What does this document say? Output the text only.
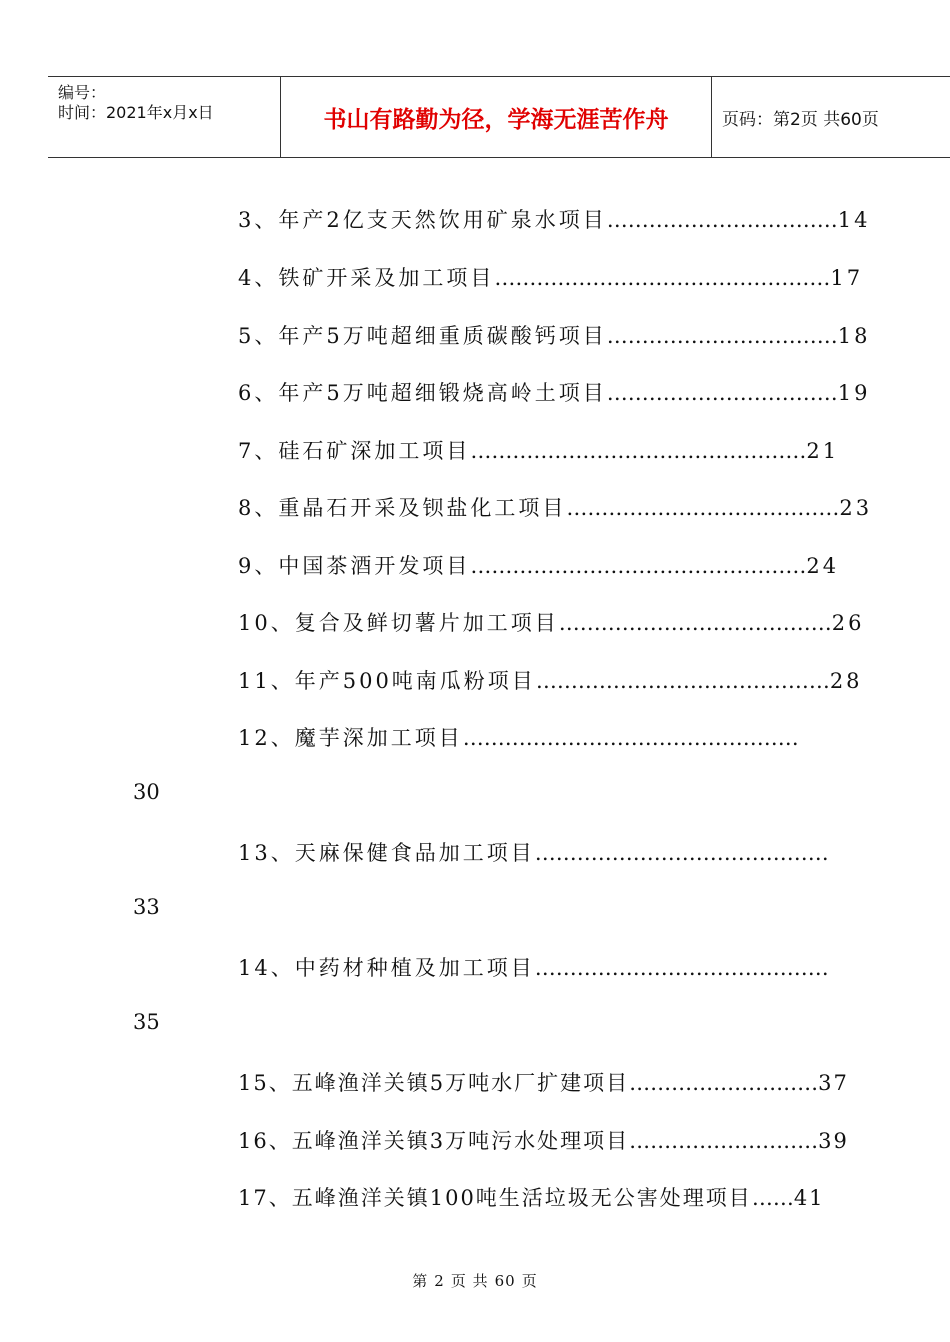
编号：
时间：2021年x月x日	书山有路勤为径，学海无涯苦作舟	页码：第2页 共60页
3、年产2亿支天然饮用矿泉水项目……………………………14
4、铁矿开采及加工项目…………………………………………17
5、年产5万吨超细重质碳酸钙项目……………………………18
6、年产5万吨超细锻烧高岭土项目……………………………19
7、硅石矿深加工项目…………………………………………21
8、重晶石开采及钡盐化工项目…………………………………23
9、中国茶酒开发项目…………………………………………24
10、复合及鲜切薯片加工项目…………………………………26
11、年产500吨南瓜粉项目……………………………………28
12、魔芋深加工项目…………………………………………
30
13、天麻保健食品加工项目……………………………………
33
14、中药材种植及加工项目……………………………………
35
15、五峰渔洋关镇5万吨水厂扩建项目………………………37
16、五峰渔洋关镇3万吨污水处理项目………………………39
17、五峰渔洋关镇100吨生活垃圾无公害处理项目……41
第 2 页 共 60 页
